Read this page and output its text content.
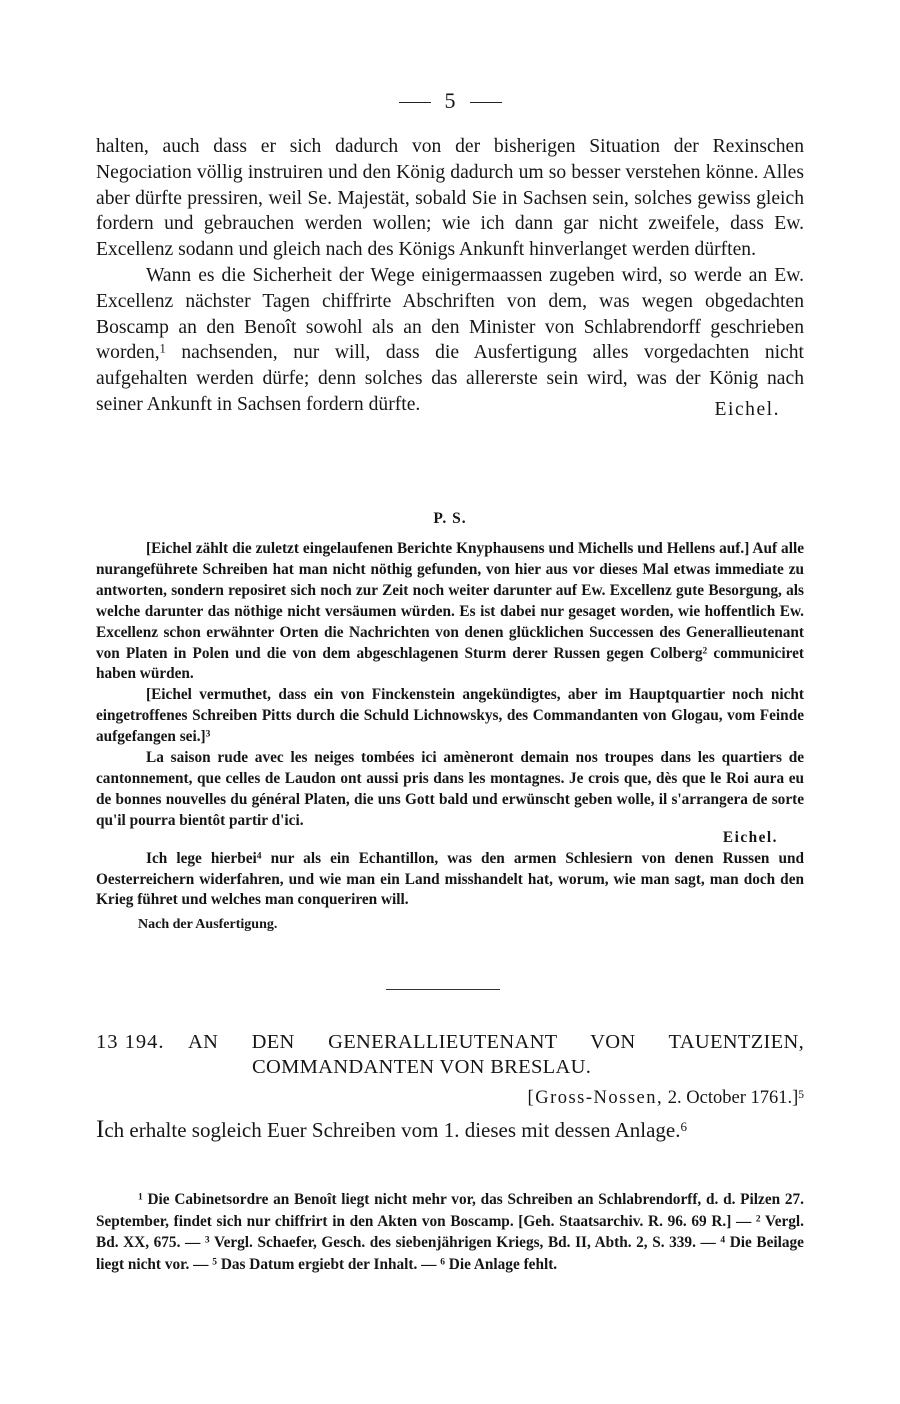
5

halten, auch dass er sich dadurch von der bisherigen Situation der Rexinschen Negociation völlig instruiren und den König dadurch um so besser verstehen könne. Alles aber dürfte pressiren, weil Se. Majestät, sobald Sie in Sachsen sein, solches gewiss gleich fordern und gebrauchen werden wollen; wie ich dann gar nicht zweifele, dass Ew. Excellenz sodann und gleich nach des Königs Ankunft hinverlanget werden dürften.

Wann es die Sicherheit der Wege einigermaassen zugeben wird, so werde an Ew. Excellenz nächster Tagen chiffrirte Abschriften von dem, was wegen obgedachten Boscamp an den Benoît sowohl als an den Minister von Schlabrendorff geschrieben worden,$^1$ nachsenden, nur will, dass die Ausfertigung alles vorgedachten nicht aufgehalten werden dürfe; denn solches das allererste sein wird, was der König nach seiner Ankunft in Sachsen fordern dürfte.	Eichel.

P. S.

[Eichel zählt die zuletzt eingelaufenen Berichte Knyphausens und Michells und Hellens auf.] Auf alle nurangeführete Schreiben hat man nicht nöthig gefunden, von hier aus vor dieses Mal etwas immediate zu antworten, sondern reposiret sich noch zur Zeit noch weiter darunter auf Ew. Excellenz gute Besorgung, als welche darunter das nöthige nicht versäumen würden. Es ist dabei nur gesaget worden, wie hoffentlich Ew. Excellenz schon erwähnter Orten die Nachrichten von denen glücklichen Successen des Generallieutenant von Platen in Polen und die von dem abgeschlagenen Sturm derer Russen gegen Colberg$^2$ communiciret haben würden.

[Eichel vermuthet, dass ein von Finckenstein angekündigtes, aber im Hauptquartier noch nicht eingetroffenes Schreiben Pitts durch die Schuld Lichnowskys, des Commandanten von Glogau, vom Feinde aufgefangen sei.]$^3$

La saison rude avec les neiges tombées ici amèneront demain nos troupes dans les quartiers de cantonnement, que celles de Laudon ont aussi pris dans les montagnes. Je crois que, dès que le Roi aura eu de bonnes nouvelles du général Platen, die uns Gott bald und erwünscht geben wolle, il s'arrangera de sorte qu'il pourra bientôt partir d'ici.

Eichel.

Ich lege hierbei$^4$ nur als ein Echantillon, was den armen Schlesiern von denen Russen und Oesterreichern widerfahren, und wie man ein Land misshandelt hat, worum, wie man sagt, man doch den Krieg führet und welches man conqueriren will.

Nach der Ausfertigung.

13 194. AN DEN GENERALLIEUTENANT VON TAUENTZIEN,
COMMANDANTEN VON BRESLAU.
[Gross-Nossen, 2. October 1761.]$^5$
Ich erhalte sogleich Euer Schreiben vom 1. dieses mit dessen Anlage.$^6$

$^1$ Die Cabinetsordre an Benoît liegt nicht mehr vor, das Schreiben an Schlabrendorff, d. d. Pilzen 27. September, findet sich nur chiffrirt in den Akten von Boscamp. [Geh. Staatsarchiv. R. 96. 69 R.] — $^2$ Vergl. Bd. XX, 675. — $^3$ Vergl. Schaefer, Gesch. des siebenjährigen Kriegs, Bd. II, Abth. 2, S. 339. — $^4$ Die Beilage liegt nicht vor. — $^5$ Das Datum ergiebt der Inhalt. — $^6$ Die Anlage fehlt.
